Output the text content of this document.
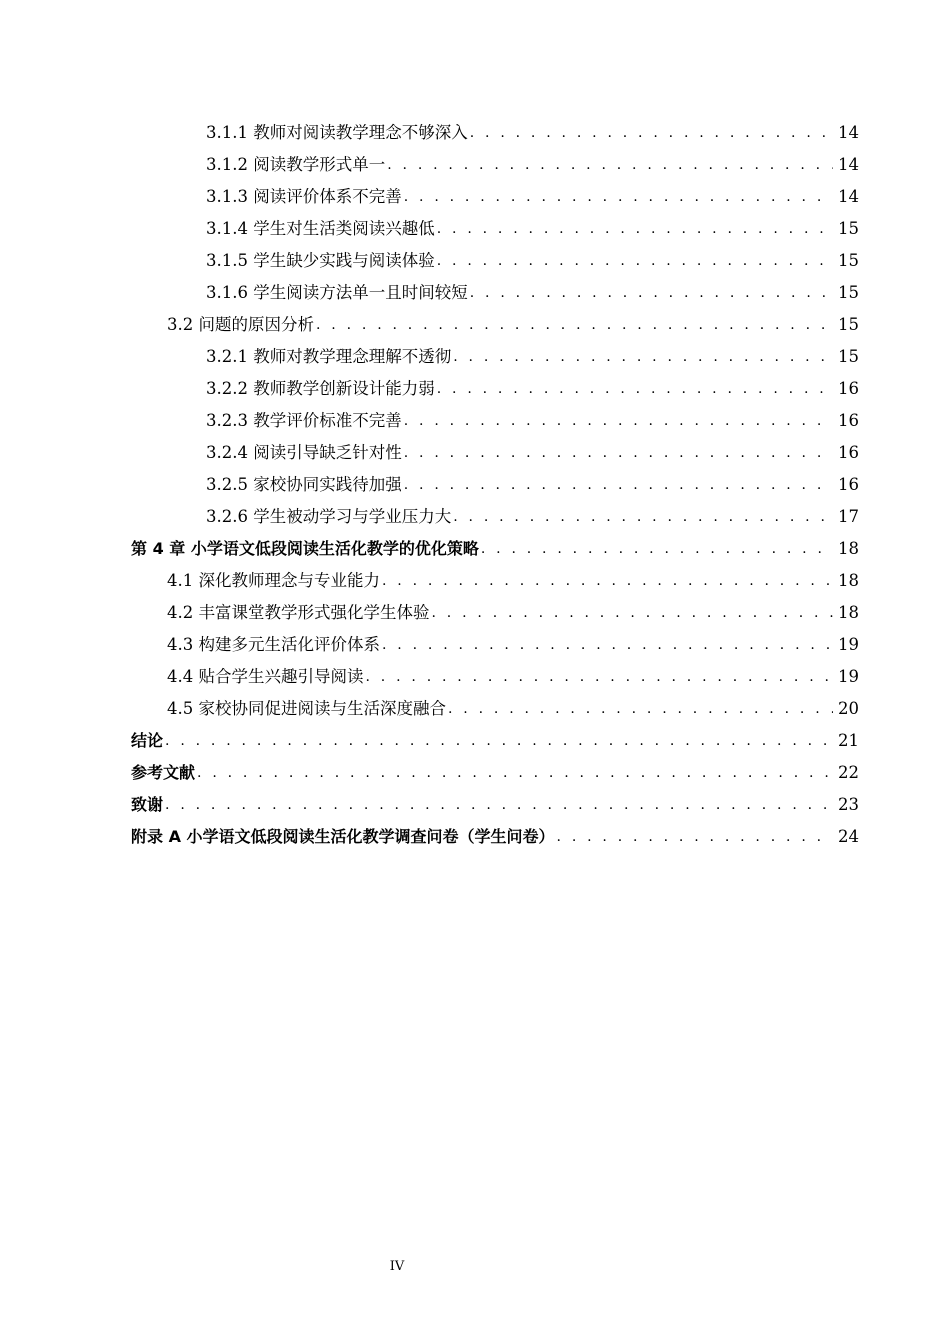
3.1.1 教师对阅读教学理念不够深入 . . .	14
3.1.2 阅读教学形式单一 . . .	14
3.1.3 阅读评价体系不完善 . . .	14
3.1.4 学生对生活类阅读兴趣低 . . .	15
3.1.5 学生缺少实践与阅读体验 . . .	15
3.1.6 学生阅读方法单一且时间较短 . . .	15
3.2 问题的原因分析 . . .	15
3.2.1 教师对教学理念理解不透彻 . . .	15
3.2.2 教师教学创新设计能力弱 . . .	16
3.2.3 教学评价标准不完善 . . .	16
3.2.4 阅读引导缺乏针对性 . . .	16
3.2.5 家校协同实践待加强 . . .	16
3.2.6 学生被动学习与学业压力大 . . .	17
第 4 章 小学语文低段阅读生活化教学的优化策略 . . .	18
4.1 深化教师理念与专业能力 . . .	18
4.2 丰富课堂教学形式强化学生体验 . . .	18
4.3 构建多元生活化评价体系 . . .	19
4.4 贴合学生兴趣引导阅读 . . .	19
4.5 家校协同促进阅读与生活深度融合 . . .	20
结论 . . .	21
参考文献 . . .	22
致谢 . . .	23
附录 A 小学语文低段阅读生活化教学调查问卷（学生问卷） . . .	24
IV
